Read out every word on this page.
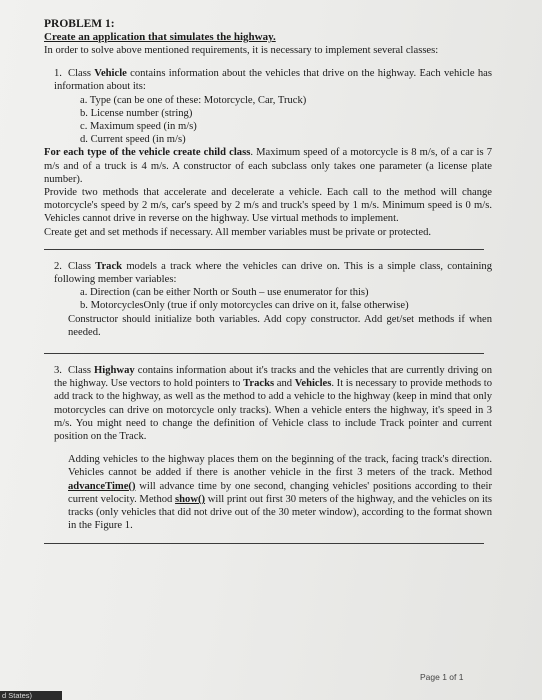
PROBLEM 1:
Create an application that simulates the highway.

In order to solve above mentioned requirements, it is necessary to implement several classes:

1. Class Vehicle contains information about the vehicles that drive on the highway. Each vehicle has information about its:

a. Type (can be one of these: Motorcycle, Car, Truck)

b. License number (string)

c. Maximum speed (in m/s)

d. Current speed (in m/s)

For each type of the vehicle create child class. Maximum speed of a motorcycle is 8 m/s, of a car is 7 m/s and of a truck is 4 m/s. A constructor of each subclass only takes one parameter (a license plate number).

Provide two methods that accelerate and decelerate a vehicle. Each call to the method will change motorcycle's speed by 2 m/s, car's speed by 2 m/s and truck's speed by 1 m/s. Minimum speed is 0 m/s. Vehicles cannot drive in reverse on the highway. Use virtual methods to implement.

Create get and set methods if necessary. All member variables must be private or protected.

2. Class Track models a track where the vehicles can drive on. This is a simple class, containing following member variables:

a. Direction (can be either North or South – use enumerator for this)

b. MotorcyclesOnly (true if only motorcycles can drive on it, false otherwise)

Constructor should initialize both variables. Add copy constructor. Add get/set methods if when needed.

3. Class Highway contains information about it's tracks and the vehicles that are currently driving on the highway. Use vectors to hold pointers to Tracks and Vehicles. It is necessary to provide methods to add track to the highway, as well as the method to add a vehicle to the highway (keep in mind that only motorcycles can drive on motorcycle only tracks). When a vehicle enters the highway, it's speed in 3 m/s. You might need to change the definition of Vehicle class to include Track pointer and current position on the Track.

Adding vehicles to the highway places them on the beginning of the track, facing track's direction. Vehicles cannot be added if there is another vehicle in the first 3 meters of the track. Method advanceTime() will advance time by one second, changing vehicles' positions according to their current velocity. Method show() will print out first 30 meters of the highway, and the vehicles on its tracks (only vehicles that did not drive out of the 30 meter window), according to the format shown in the Figure 1.

Page 1 of 1
d States)
